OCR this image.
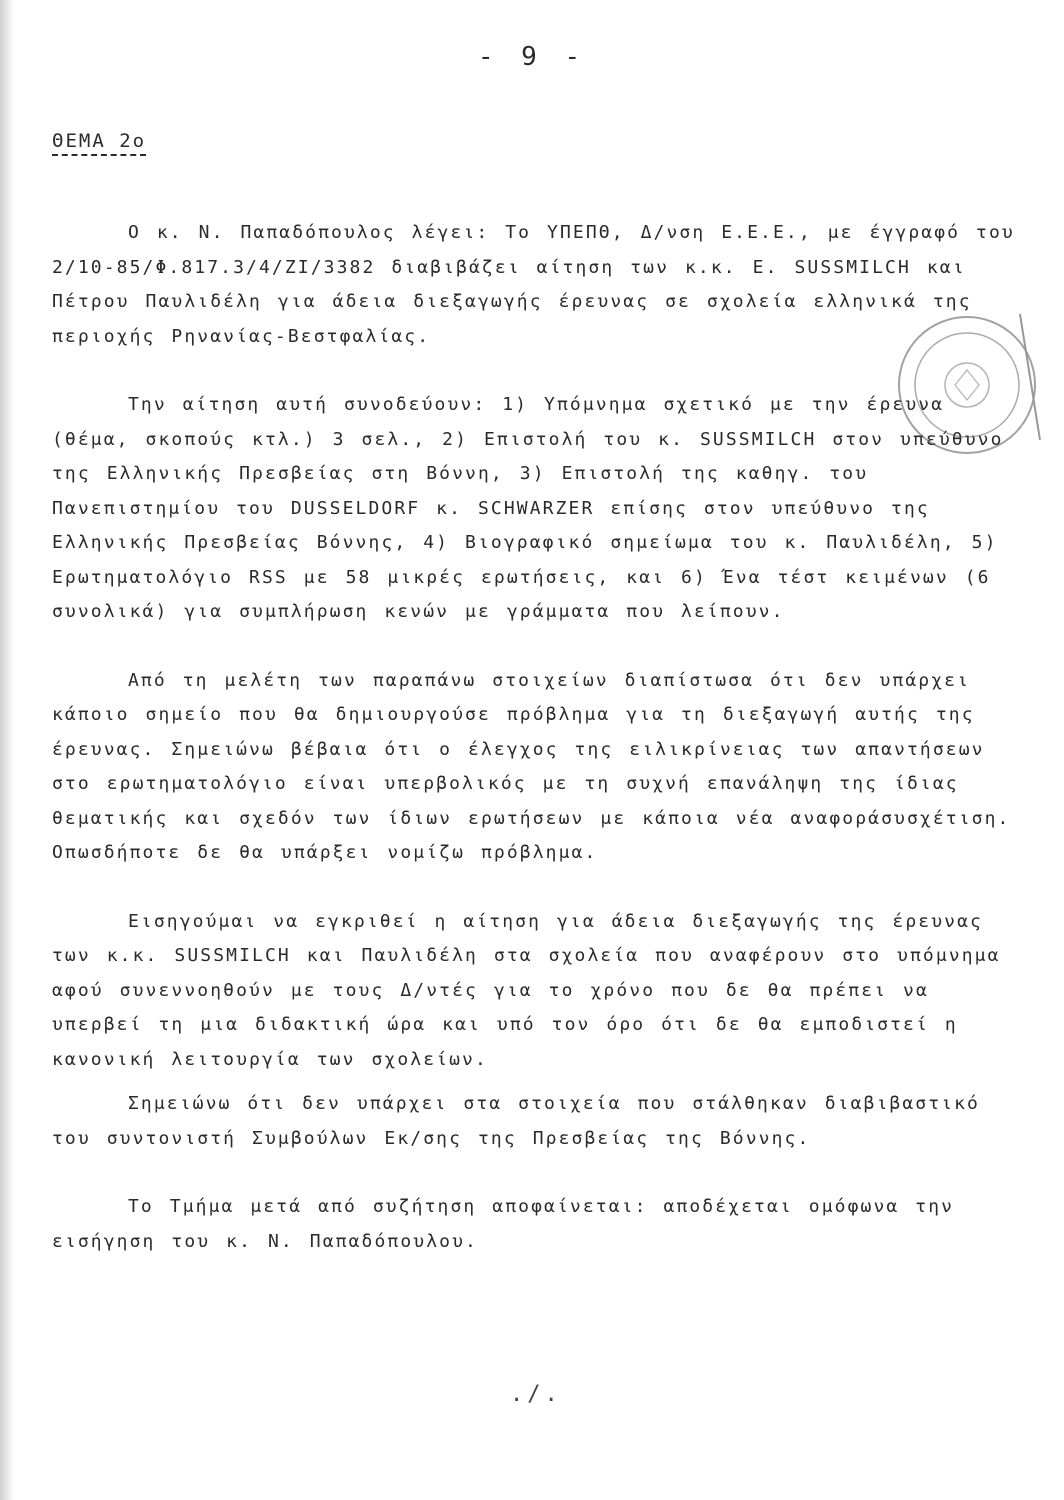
- 9 -
ΘΕΜΑ 2ο

Ο κ. Ν. Παπαδόπουλος λέγει: Το ΥΠΕΠΘ, Δ/νση Ε.Ε.Ε., με έγγραφό του 2/10-85/Φ.817.3/4/ΖΙ/3382 διαβιβάζει αίτηση των κ.κ. Ε. SUSSMILCH και Πέτρου Παυλιδέλη για άδεια διεξαγωγής έρευνας σε σχολεία ελληνικά της περιοχής Ρηνανίας-Βεστφαλίας.

Την αίτηση αυτή συνοδεύουν: 1) Υπόμνημα σχετικό με την έρευνα (θέμα, σκοπούς κτλ.) 3 σελ., 2) Επιστολή του κ. SUSSMILCH στον υπεύθυνο της Ελληνικής Πρεσβείας στη Βόννη, 3) Επιστολή της καθηγ. του Πανεπιστημίου του DUSSELDORF κ. SCHWARZER επίσης στον υπεύθυνο της Ελληνικής Πρεσβείας Βόννης, 4) Βιογραφικό σημείωμα του κ. Παυλιδέλη, 5) Ερωτηματολόγιο RSS με 58 μικρές ερωτήσεις, και 6) Ένα τέστ κειμένων (6 συνολικά) για συμπλήρωση κενών με γράμματα που λείπουν.

Από τη μελέτη των παραπάνω στοιχείων διαπίστωσα ότι δεν υπάρχει κάποιο σημείο που θα δημιουργούσε πρόβλημα για τη διεξαγωγή αυτής της έρευνας. Σημειώνω βέβαια ότι ο έλεγχος της ειλικρίνειας των απαντήσεων στο ερωτηματολόγιο είναι υπερβολικός με τη συχνή επανάληψη της ίδιας θεματικής και σχεδόν των ίδιων ερωτήσεων με κάποια νέα αναφοράσυσχέτιση. Οπωσδήποτε δε θα υπάρξει νομίζω πρόβλημα.

Εισηγούμαι να εγκριθεί η αίτηση για άδεια διεξαγωγής της έρευνας των κ.κ. SUSSMILCH και Παυλιδέλη στα σχολεία που αναφέρουν στο υπόμνημα αφού συνεννοηθούν με τους Δ/ντές για το χρόνο που δε θα πρέπει να υπερβεί τη μια διδακτική ώρα και υπό τον όρο ότι δε θα εμποδιστεί η κανονική λειτουργία των σχολείων.

Σημειώνω ότι δεν υπάρχει στα στοιχεία που στάλθηκαν διαβιβαστικό του συντονιστή Συμβούλων Εκ/σης της Πρεσβείας της Βόννης.

Το Τμήμα μετά από συζήτηση αποφαίνεται: αποδέχεται ομόφωνα την εισήγηση του κ. Ν. Παπαδόπουλου.

./.
